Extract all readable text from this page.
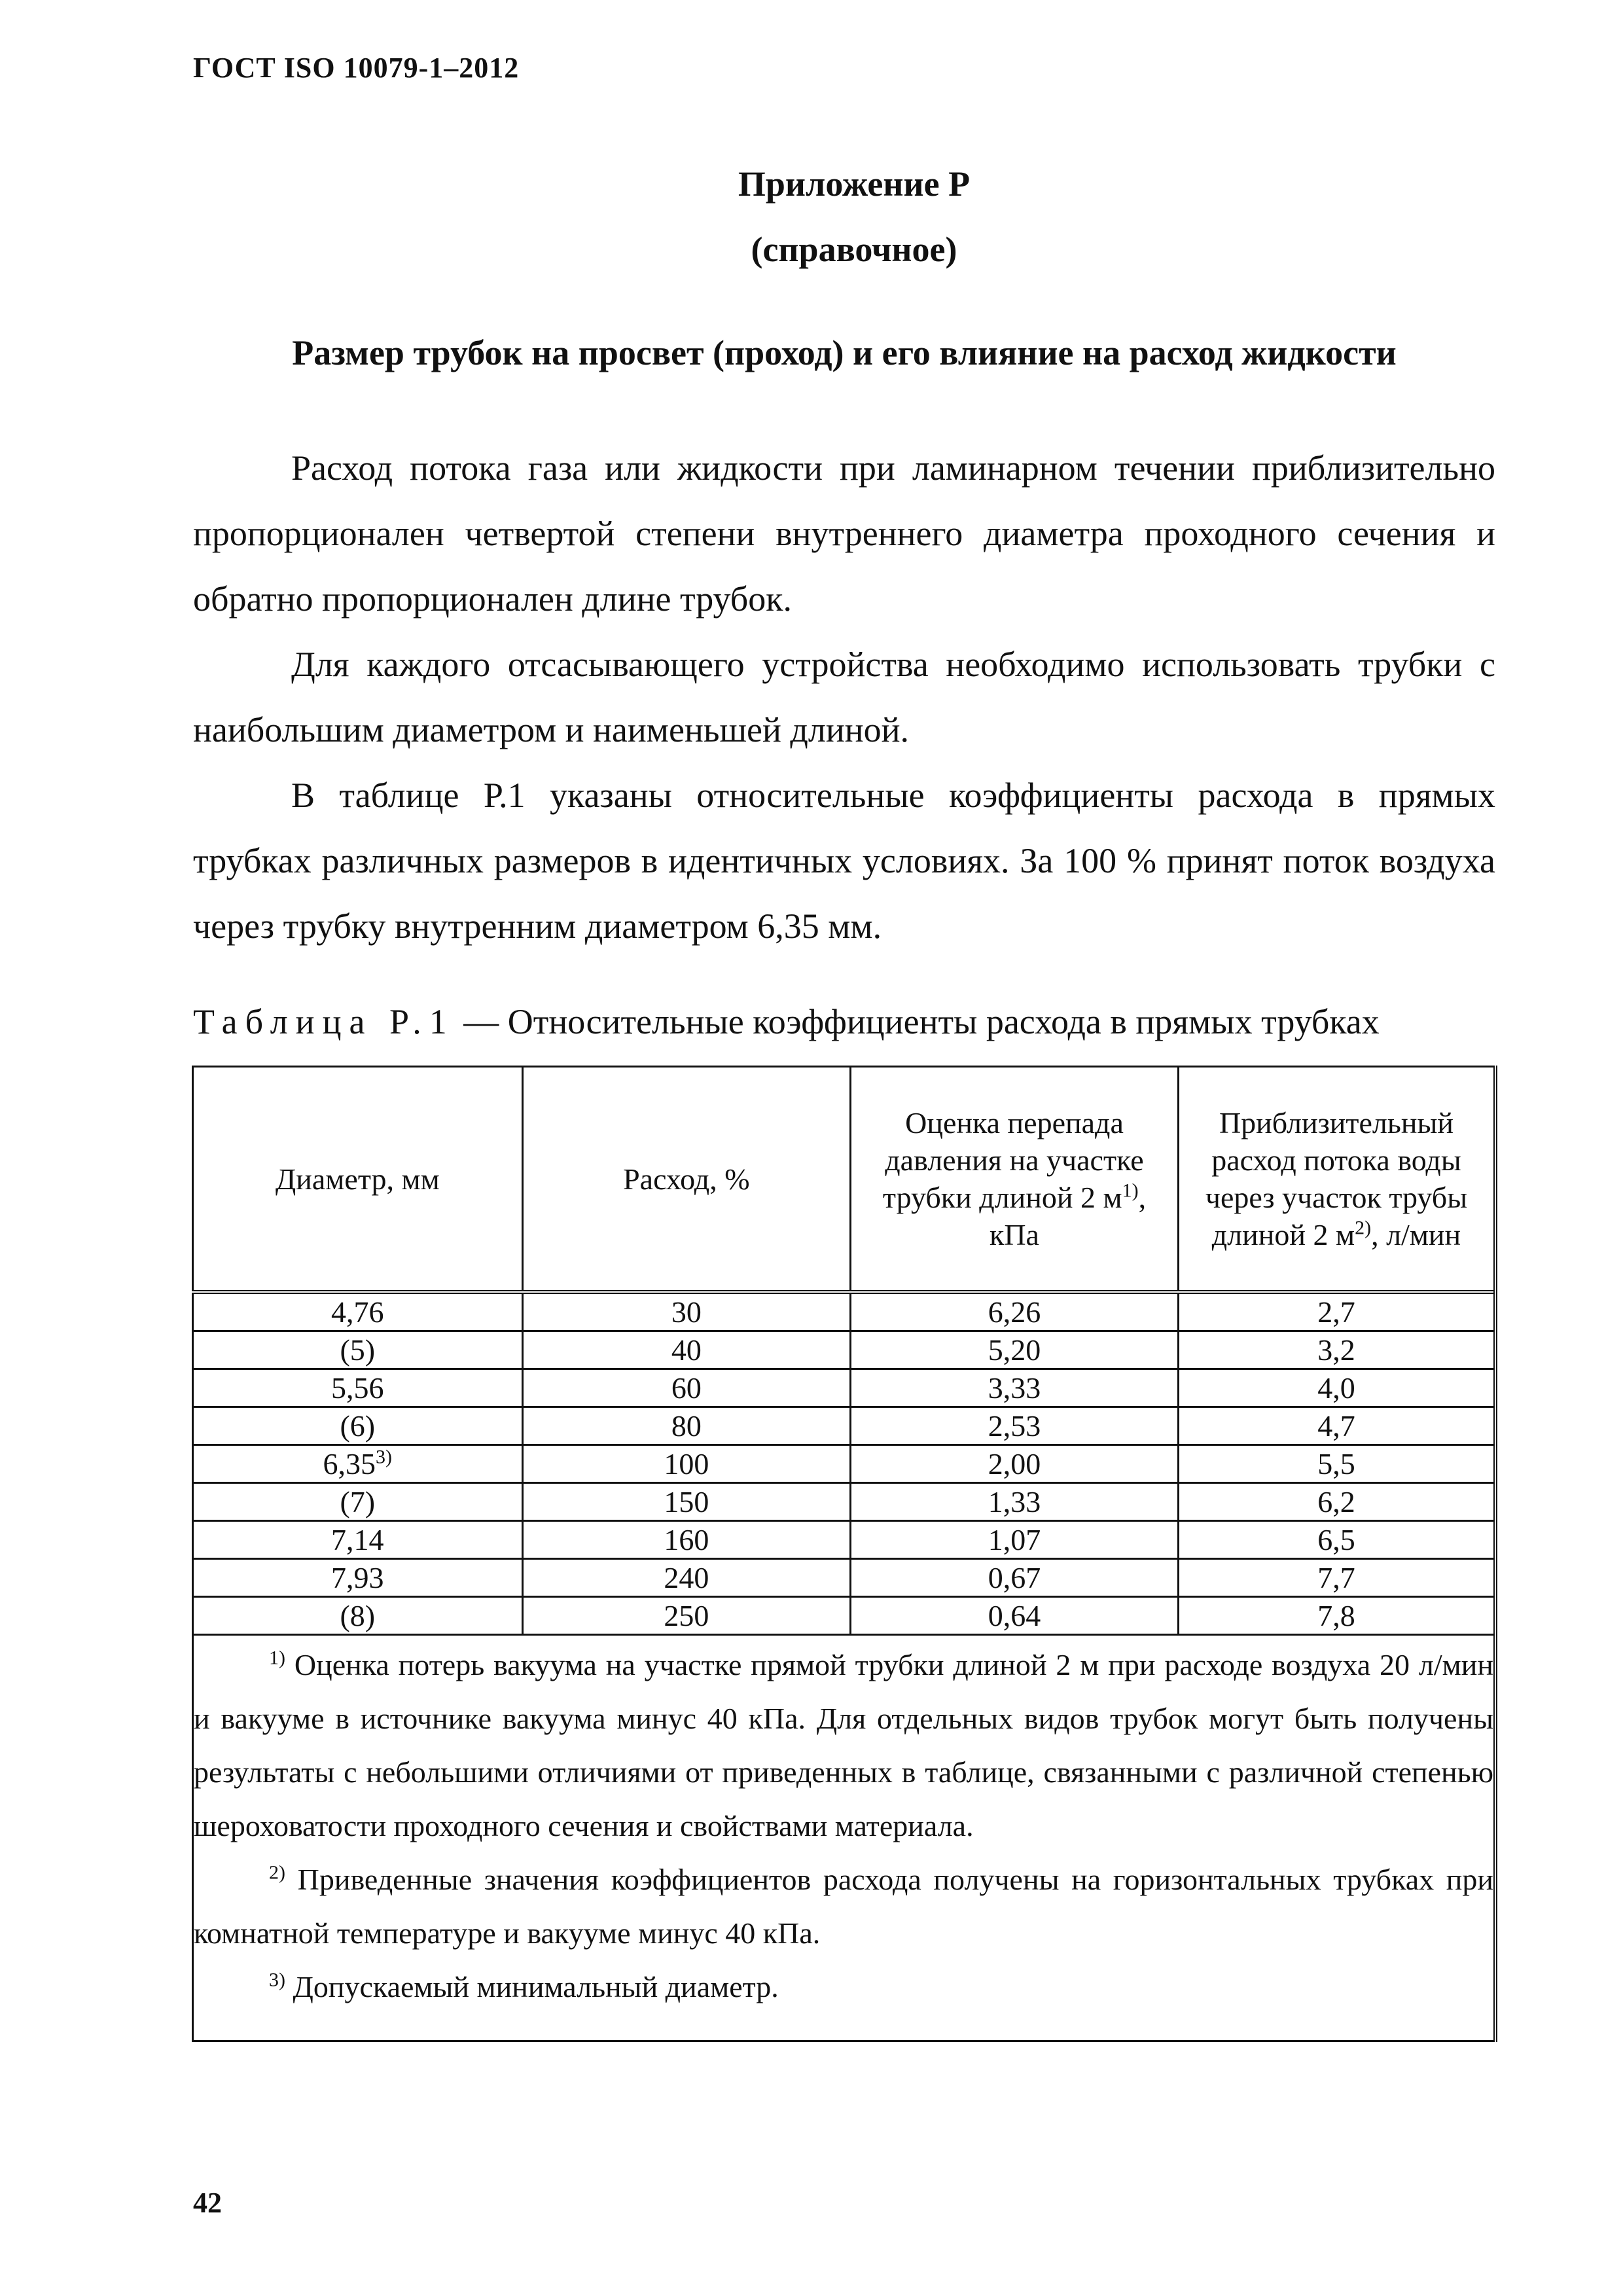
ГОСТ ISO 10079-1–2012
Приложение Р
(справочное)
Размер трубок на просвет (проход) и его влияние на расход жидкости

Расход потока газа или жидкости при ламинарном течении приблизительно пропорционален четвертой степени внутреннего диаметра проходного сечения и обратно пропорционален длине трубок.

Для каждого отсасывающего устройства необходимо использовать трубки с наибольшим диаметром и наименьшей длиной.

В таблице Р.1 указаны относительные коэффициенты расхода в прямых трубках различных размеров в идентичных условиях. За 100 % принят поток воздуха через трубку внутренним диаметром 6,35 мм.

Таблица Р.1 — Относительные коэффициенты расхода в прямых трубках
Диаметр, мм	Расход, %	Оценка перепада давления на участке трубки длиной 2 $м^{1)}$, кПа	Приблизительный расход потока воды через участок трубы длиной 2 $м^{2)}$, л/мин
4,76	30	6,26	2,7
(5)	40	5,20	3,2
5,56	60	3,33	4,0
(6)	80	2,53	4,7
6,35$^{3)}$	100	2,00	5,5
(7)	150	1,33	6,2
7,14	160	1,07	6,5
7,93	240	0,67	7,7
(8)	250	0,64	7,8

$^{1)}$ Оценка потерь вакуума на участке прямой трубки длиной 2 м при расходе воздуха 20 л/мин и вакууме в источнике вакуума минус 40 кПа. Для отдельных видов трубок могут быть получены результаты с небольшими отличиями от приведенных в таблице, связанными с различной степенью шероховатости проходного сечения и свойствами материала.

$^{2)}$ Приведенные значения коэффициентов расхода получены на горизонтальных трубках при комнатной температуре и вакууме минус 40 кПа.

$^{3)}$ Допускаемый минимальный диаметр.			

42
